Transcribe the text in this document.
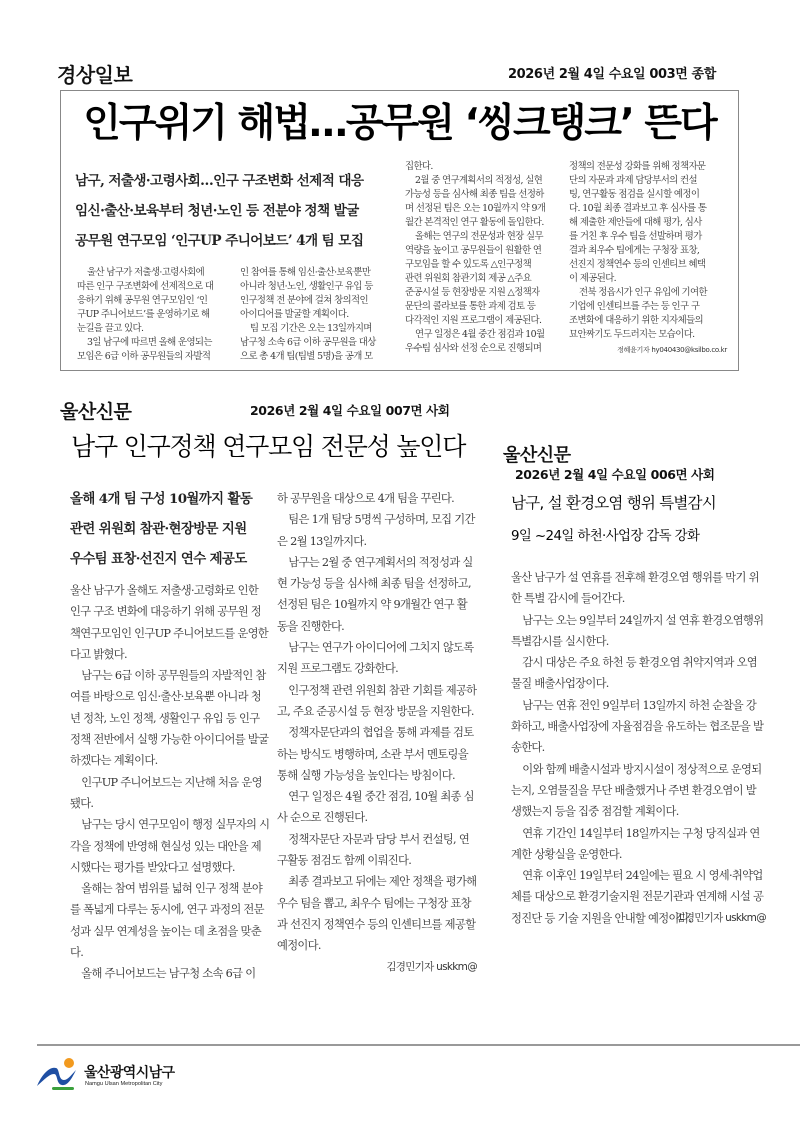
경상일보	2026년 2월 4일 수요일 003면 종합
인구위기 해법…공무원 ‘씽크탱크’ 뜬다
남구, 저출생·고령사회…인구 구조변화 선제적 대응
임신·출산·보육부터 청년·노인 등 전분야 정책 발굴
공무원 연구모임 ‘인구UP 주니어보드’ 4개 팀 모집
울산 남구가 저출생·고령사회에
따른 인구 구조변화에 선제적으로 대
응하기 위해 공무원 연구모임인 ‘인
구UP 주니어보드’를 운영하기로 해
눈길을 끌고 있다.
3일 남구에 따르면 올해 운영되는
모임은 6급 이하 공무원들의 자발적
인 참여를 통해 임신·출산·보육뿐만
아니라 청년·노인, 생활인구 유입 등
인구정책 전 분야에 걸쳐 창의적인
아이디어를 발굴할 계획이다.
팀 모집 기간은 오는 13일까지며
남구청 소속 6급 이하 공무원을 대상
으로 총 4개 팀(팀별 5명)을 공개 모
집한다.
2월 중 연구계획서의 적정성, 실현
가능성 등을 심사해 최종 팀을 선정하
며 선정된 팀은 오는 10월까지 약 9개
월간 본격적인 연구 활동에 돌입한다.
올해는 연구의 전문성과 현장 실무
역량을 높이고 공무원들이 원활한 연
구모임을 할 수 있도록 △인구정책
관련 위원회 참관기회 제공 △주요
준공시설 등 현장방문 지원 △정책자
문단의 콜라보를 통한 과제 검토 등
다각적인 지원 프로그램이 제공된다.
연구 일정은 4월 중간 점검과 10월
우수팀 심사와 선정 순으로 진행되며
정책의 전문성 강화를 위해 정책자문
단의 자문과 과제 담당부서의 컨설
팅, 연구활동 점검을 실시할 예정이
다. 10월 최종 결과보고 후 심사를 통
해 제출한 제안들에 대해 평가, 심사
를 거친 후 우수 팀을 선발하며 평가
결과 최우수 팀에게는 구청장 표창,
선진지 정책연수 등의 인센티브 혜택
이 제공된다.
전북 정읍시가 인구 유입에 기여한
기업에 인센티브를 주는 등 인구 구
조변화에 대응하기 위한 지자체들의
묘안짜기도 두드러지는 모습이다.
정혜윤기자 hy040430@ksilbo.co.kr
울산신문	2026년 2월 4일 수요일 007면 사회
남구 인구정책 연구모임 전문성 높인다
올해 4개 팀 구성 10월까지 활동
관련 위원회 참관·현장방문 지원
우수팀 표창·선진지 연수 제공도

울산 남구가 올해도 저출생·고령화로 인한 인구 구조 변화에 대응하기 위해 공무원 정책연구모임인 인구UP 주니어보드를 운영한다고 밝혔다.

남구는 6급 이하 공무원들의 자발적인 참여를 바탕으로 임신·출산·보육뿐 아니라 청년 정착, 노인 정책, 생활인구 유입 등 인구 정책 전반에서 실행 가능한 아이디어를 발굴하겠다는 계획이다.

인구UP 주니어보드는 지난해 처음 운영됐다.

남구는 당시 연구모임이 행정 실무자의 시각을 정책에 반영해 현실성 있는 대안을 제시했다는 평가를 받았다고 설명했다.

올해는 참여 범위를 넓혀 인구 정책 분야를 폭넓게 다루는 동시에, 연구 과정의 전문성과 실무 연계성을 높이는 데 초점을 맞춘다.

올해 주니어보드는 남구청 소속 6급 이

하 공무원을 대상으로 4개 팀을 꾸린다.

팀은 1개 팀당 5명씩 구성하며, 모집 기간은 2월 13일까지다.

남구는 2월 중 연구계획서의 적정성과 실현 가능성 등을 심사해 최종 팀을 선정하고, 선정된 팀은 10월까지 약 9개월간 연구 활동을 진행한다.

남구는 연구가 아이디어에 그치지 않도록 지원 프로그램도 강화한다.

인구정책 관련 위원회 참관 기회를 제공하고, 주요 준공시설 등 현장 방문을 지원한다.

정책자문단과의 협업을 통해 과제를 검토하는 방식도 병행하며, 소관 부서 멘토링을 통해 실행 가능성을 높인다는 방침이다.

연구 일정은 4월 중간 점검, 10월 최종 심사 순으로 진행된다.

정책자문단 자문과 담당 부서 컨설팅, 연구활동 점검도 함께 이뤄진다.

최종 결과보고 뒤에는 제안 정책을 평가해 우수 팀을 뽑고, 최우수 팀에는 구청장 표창과 선진지 정책연수 등의 인센티브를 제공할 예정이다.

김경민기자 uskkm@
울산신문
2026년 2월 4일 수요일 006면 사회
남구, 설 환경오염 행위 특별감시
9일 ~24일 하천·사업장 감독 강화

울산 남구가 설 연휴를 전후해 환경오염 행위를 막기 위한 특별 감시에 들어간다.

남구는 오는 9일부터 24일까지 설 연휴 환경오염행위 특별감시를 실시한다.

감시 대상은 주요 하천 등 환경오염 취약지역과 오염물질 배출사업장이다.

남구는 연휴 전인 9일부터 13일까지 하천 순찰을 강화하고, 배출사업장에 자율점검을 유도하는 협조문을 발송한다.

이와 함께 배출시설과 방지시설이 정상적으로 운영되는지, 오염물질을 무단 배출했거나 주변 환경오염이 발생했는지 등을 집중 점검할 계획이다.

연휴 기간인 14일부터 18일까지는 구청 당직실과 연계한 상황실을 운영한다.

연휴 이후인 19일부터 24일에는 필요 시 영세·취약업체를 대상으로 환경기술지원 전문기관과 연계해 시설 공정진단 등 기술 지원을 안내할 예정이다.

김경민기자 uskkm@
울산광역시남구
Namgu Ulsan Metropolitan City
